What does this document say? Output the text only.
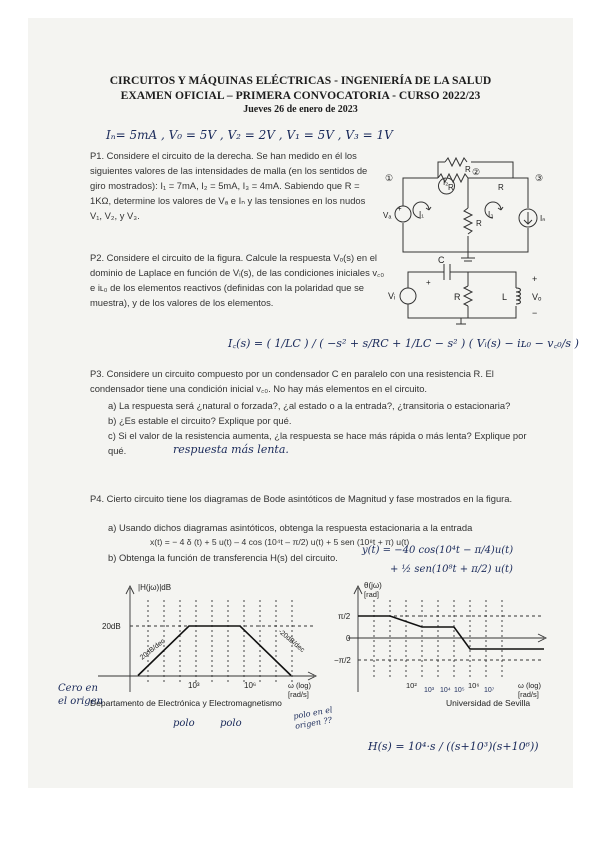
CIRCUITOS Y MÁQUINAS ELÉCTRICAS - INGENIERÍA DE LA SALUD
EXAMEN OFICIAL – PRIMERA CONVOCATORIA - CURSO 2022/23
Jueves 26 de enero de 2023
Iₙ= 5mA , V₀ = 5V , V₂ = 2V , V₁ = 5V , V₃ = 1V
P1. Considere el circuito de la derecha. Se han medido en él los siguientes valores de las intensidades de malla (en los sentidos de giro mostrados): I₁ = 7mA, I₂ = 5mA, I₃ = 4mA. Sabiendo que R = 1KΩ, determine los valores de Vₐ e Iₙ y las tensiones en los nudos V₁, V₂, y V₃.
+
R
R	R
R
①
②
③
Vₐ	Iₙ
I₁	I₃
I₂
P2. Considere el circuito de la figura. Calcule la respuesta Vₒ(s) en el dominio de Laplace en función de Vᵢ(s), de las condiciones iniciales v꜀₀ e iʟ₀ de los elementos reactivos (definidas con la polaridad que se muestra), y de los valores de los elementos.
C
R	L
Vᵢ	Vₒ
+
−
+
I꜀(s) = ( 1/LC ) / ( −s² + s/RC + 1/LC − s² ) ( Vᵢ(s) − iʟ₀ − v꜀₀/s )
P3. Considere un circuito compuesto por un condensador C en paralelo con una resistencia R. El condensador tiene una condición inicial v꜀₀. No hay más elementos en el circuito.
a) La respuesta será ¿natural o forzada?, ¿al estado o a la entrada?, ¿transitoria o estacionaria?
b) ¿Es estable el circuito? Explique por qué.
c) Si el valor de la resistencia aumenta, ¿la respuesta se hace más rápida o más lenta? Explique por qué.	respuesta más lenta.
P4. Cierto circuito tiene los diagramas de Bode asintóticos de Magnitud y fase mostrados en la figura.
a) Usando dichos diagramas asintóticos, obtenga la respuesta estacionaria a la entrada
x(t) = − 4 δ (t) + 5 u(t) – 4 cos (10⁴t – π/2) u(t) + 5 sen (10⁸t + π) u(t)
b) Obtenga la función de transferencia H(s) del circuito.
y(t) = −40 cos(10⁴t − π/4)u(t)
+ ½ sen(10⁸t + π/2) u(t)
|H(jω)|dB
20dB
10³	10⁶	ω (log)
[rad/s]
20dB/dec	-20dB/dec
θ(jω)
[rad]
π/2
0
−π/2
10²
10³ 10⁴ 10⁵
10⁶
10⁷
ω (log)
[rad/s]
Departamento de Electrónica y Electromagnetismo	Universidad de Sevilla
Cero en el origen
polo	polo
polo en el origen ??
H(s) = 10⁴·s / ((s+10³)(s+10⁶))
